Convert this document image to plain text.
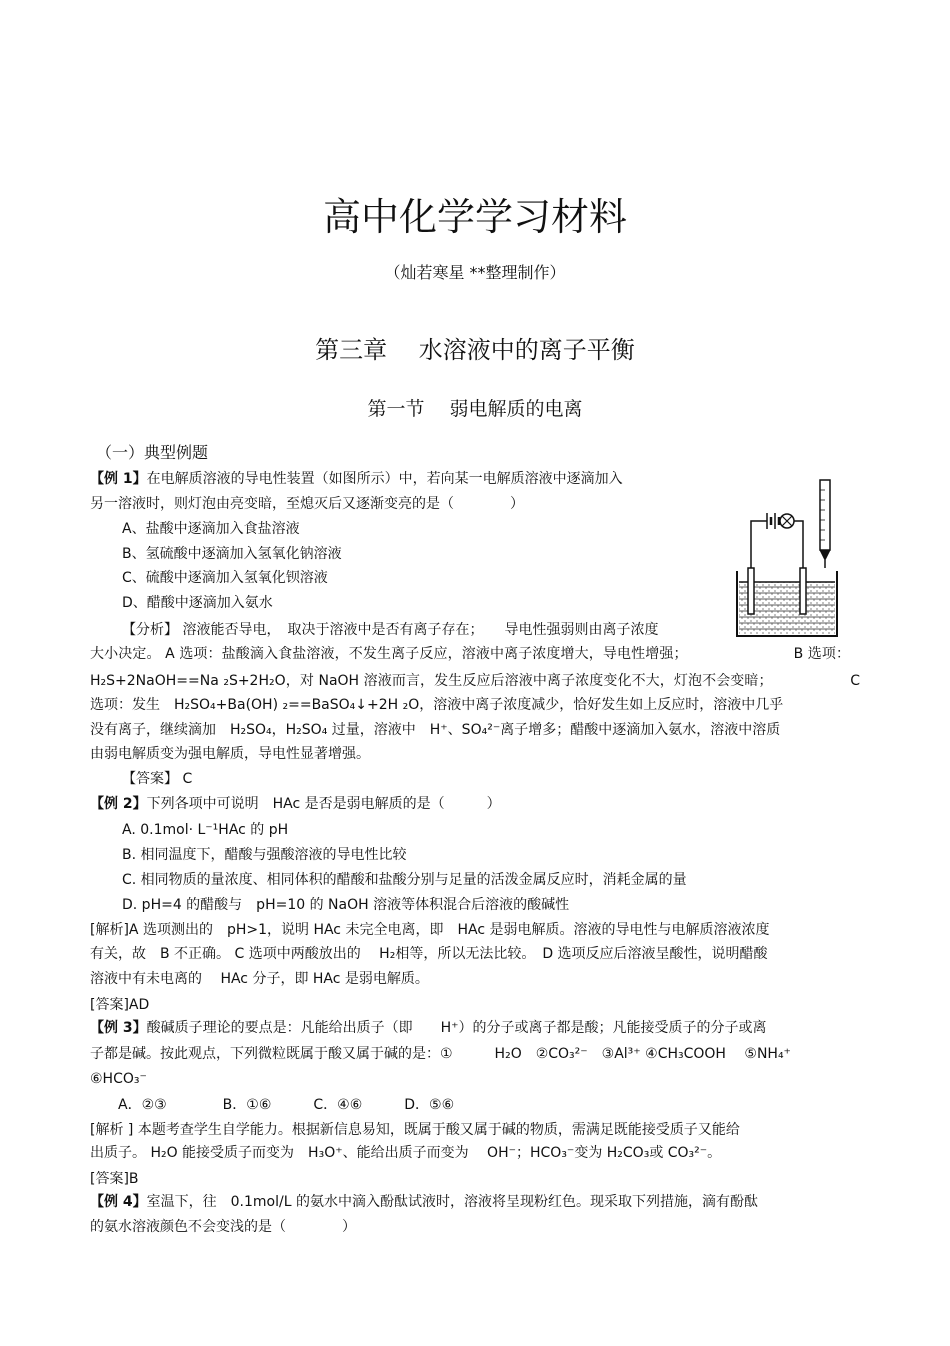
高中化学学习材料
（灿若寒星 **整理制作）
第三章　 水溶液中的离子平衡
第一节　 弱电解质的电离
（一）典型例题
【例 1】在电解质溶液的导电性装置（如图所示）中，若向某一电解质溶液中逐滴加入
另一溶液时，则灯泡由亮变暗，至熄灭后又逐渐变亮的是（　　　　）
A、盐酸中逐滴加入食盐溶液
B、氢硫酸中逐滴加入氢氧化钠溶液
C、硫酸中逐滴加入氢氧化钡溶液
D、醋酸中逐滴加入氨水
【分析】 溶液能否导电，　取决于溶液中是否有离子存在；　　导电性强弱则由离子浓度
大小决定。 A 选项：盐酸滴入食盐溶液，不发生离子反应，溶液中离子浓度增大，导电性增强；　　　　　　　　B 选项：
H₂S+2NaOH==Na ₂S+2H₂O，对 NaOH 溶液而言，发生反应后溶液中离子浓度变化不大，灯泡不会变暗；　　　　　　C
选项：发生　H₂SO₄+Ba(OH) ₂==BaSO₄↓+2H ₂O，溶液中离子浓度减少，恰好发生如上反应时，溶液中几乎
没有离子，继续滴加　H₂SO₄，H₂SO₄ 过量，溶液中　H⁺、SO₄²⁻离子增多；醋酸中逐滴加入氨水，溶液中溶质
由弱电解质变为强电解质，导电性显著增强。
【答案】 C
【例 2】下列各项中可说明　HAc 是否是弱电解质的是（　　　）
A. 0.1mol· L⁻¹HAc 的 pH
B. 相同温度下，醋酸与强酸溶液的导电性比较
C. 相同物质的量浓度、相同体积的醋酸和盐酸分别与足量的活泼金属反应时，消耗金属的量
D. pH=4 的醋酸与　pH=10 的 NaOH 溶液等体积混合后溶液的酸碱性
[解析]A 选项测出的　pH>1，说明 HAc 未完全电离，即　HAc 是弱电解质。溶液的导电性与电解质溶液浓度
有关，故　B 不正确。 C 选项中两酸放出的　 H₂相等，所以无法比较。　D 选项反应后溶液呈酸性，说明醋酸
溶液中有未电离的　 HAc 分子，即 HAc 是弱电解质。
[答案]AD
【例 3】酸碱质子理论的要点是：凡能给出质子（即　　H⁺）的分子或离子都是酸；凡能接受质子的分子或离
子都是碱。按此观点，下列微粒既属于酸又属于碱的是：①　　　H₂O　②CO₃²⁻　③Al³⁺ ④CH₃COOH　 ⑤NH₄⁺
⑥HCO₃⁻
A．②③　　　　B．①⑥　　　C．④⑥　　　D．⑤⑥
[解析 ] 本题考查学生自学能力。根据新信息易知，既属于酸又属于碱的物质，需满足既能接受质子又能给
出质子。 H₂O 能接受质子而变为　H₃O⁺、能给出质子而变为　 OH⁻；HCO₃⁻变为 H₂CO₃或 CO₃²⁻。
[答案]B
【例 4】室温下，往　0.1mol/L 的氨水中滴入酚酞试液时，溶液将呈现粉红色。现采取下列措施，滴有酚酞
的氨水溶液颜色不会变浅的是（　　　　）
